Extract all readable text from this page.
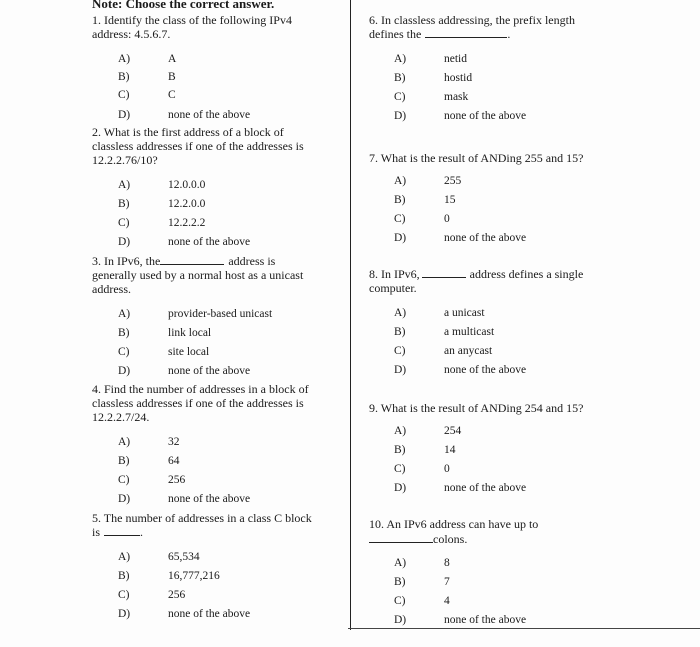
Note: Choose the correct answer.
1. Identify the class of the following IPv4
address: 4.5.6.7.
A)	A
B)	B
C)	C
D)	none of the above
2. What is the first address of a block of
classless addresses if one of the addresses is
12.2.2.76/10?
A)	12.0.0.0
B)	12.2.0.0
C)	12.2.2.2
D)	none of the above
3. In IPv6, the	address is
generally used by a normal host as a unicast
address.
A)	provider-based unicast
B)	link local
C)	site local
D)	none of the above
4. Find the number of addresses in a block of
classless addresses if one of the addresses is
12.2.2.7/24.
A)	32
B)	64
C)	256
D)	none of the above
5. The number of addresses in a class C block
is	.
A)	65,534
B)	16,777,216
C)	256
D)	none of the above
6. In classless addressing, the prefix length
defines the	.
A)	netid
B)	hostid
C)	mask
D)	none of the above
7. What is the result of ANDing 255 and 15?
A)	255
B)	15
C)	0
D)	none of the above
8. In IPv6,	address defines a single
computer.
A)	a unicast
B)	a multicast
C)	an anycast
D)	none of the above
9. What is the result of ANDing 254 and 15?
A)	254
B)	14
C)	0
D)	none of the above
10. An IPv6 address can have up to
colons.
A)	8
B)	7
C)	4
D)	none of the above
